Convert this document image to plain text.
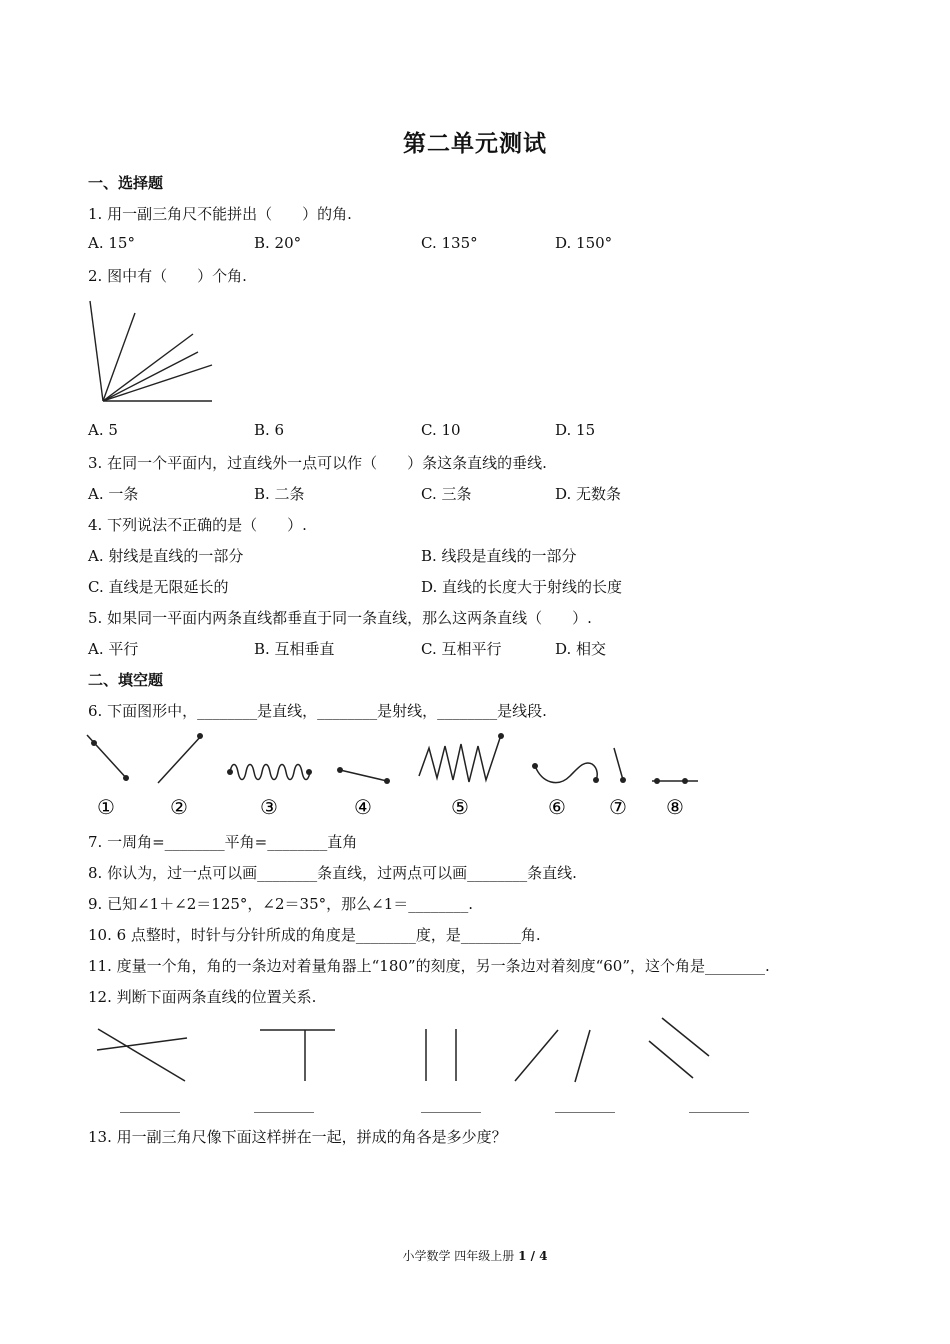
第二单元测试
一、选择题
1. 用一副三角尺不能拼出（　　）的角.
A. 15°	B. 20°	C. 135°	D. 150°
2. 图中有（　　）个角.
A. 5	B. 6	C. 10	D. 15
3. 在同一个平面内，过直线外一点可以作（　　）条这条直线的垂线.
A. 一条	B. 二条	C. 三条	D. 无数条
4. 下列说法不正确的是（　　）.
A. 射线是直线的一部分	B. 线段是直线的一部分
C. 直线是无限延长的	D. 直线的长度大于射线的长度
5. 如果同一平面内两条直线都垂直于同一条直线，那么这两条直线（　　）.
A. 平行	B. 互相垂直	C. 互相平行	D. 相交
二、填空题
6. 下面图形中，________是直线，________是射线，________是线段.
①	②	③	④	⑤	⑥ ⑦ ⑧
7. 一周角=________平角=________直角
8. 你认为，过一点可以画________条直线，过两点可以画________条直线.
9. 已知∠1＋∠2＝125°，∠2＝35°，那么∠1＝________.
10. 6 点整时，时针与分针所成的角度是________度，是________角.
11. 度量一个角，角的一条边对着量角器上“180”的刻度，另一条边对着刻度“60”，这个角是________.
12. 判断下面两条直线的位置关系.
________	________	________	________	________
13. 用一副三角尺像下面这样拼在一起，拼成的角各是多少度？
小学数学 四年级上册 1 / 4
